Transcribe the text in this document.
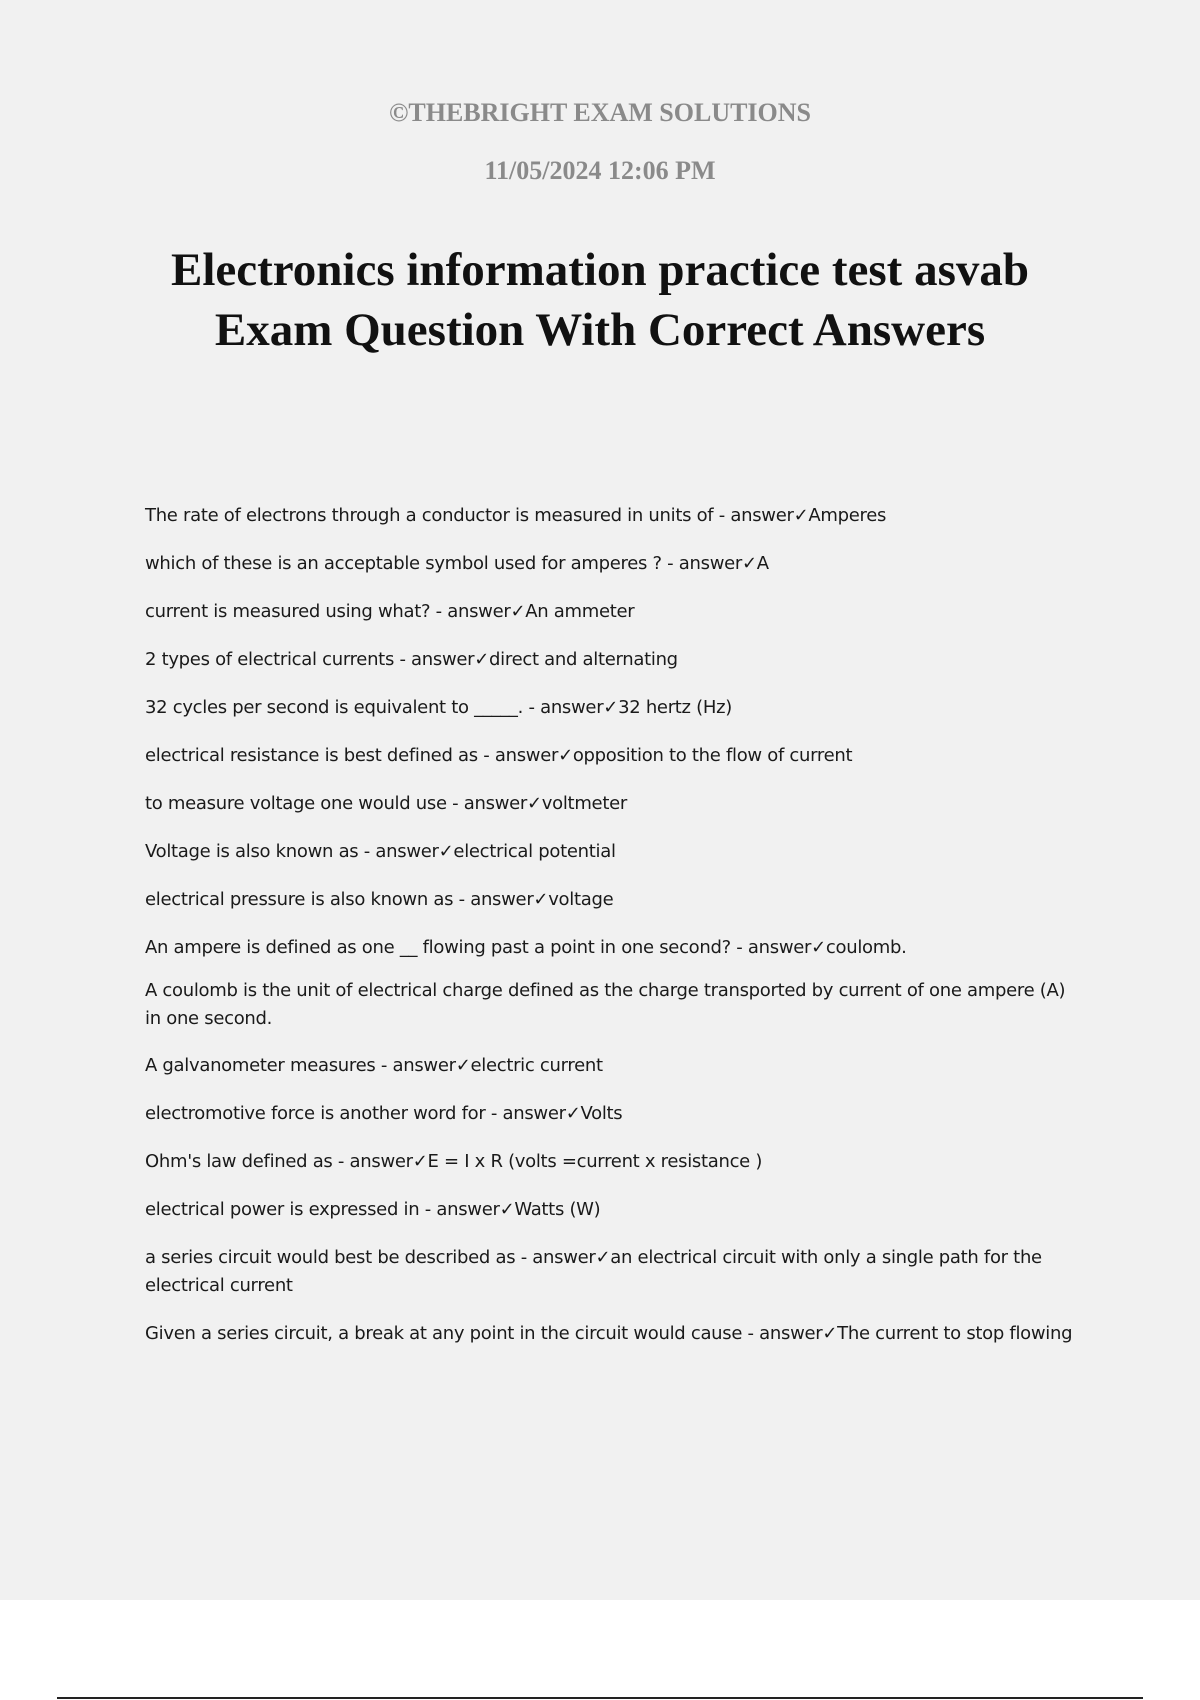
©THEBRIGHT EXAM SOLUTIONS
11/05/2024 12:06 PM
Electronics information practice test asvab
Exam Question With Correct Answers
The rate of electrons through a conductor is measured in units of - answer✓Amperes
which of these is an acceptable symbol used for amperes ? - answer✓A
current is measured using what? - answer✓An ammeter
2 types of electrical currents - answer✓direct and alternating
32 cycles per second is equivalent to _____. - answer✓32 hertz (Hz)
electrical resistance is best defined as - answer✓opposition to the flow of current
to measure voltage one would use - answer✓voltmeter
Voltage is also known as - answer✓electrical potential
electrical pressure is also known as - answer✓voltage
An ampere is defined as one __ flowing past a point in one second? - answer✓coulomb.
A coulomb is the unit of electrical charge defined as the charge transported by current of one ampere (A) in one second.
A galvanometer measures - answer✓electric current
electromotive force is another word for - answer✓Volts
Ohm's law defined as - answer✓E = I x R (volts =current x resistance )
electrical power is expressed in - answer✓Watts (W)
a series circuit would best be described as - answer✓an electrical circuit with only a single path for the electrical current
Given a series circuit, a break at any point in the circuit would cause - answer✓The current to stop flowing
